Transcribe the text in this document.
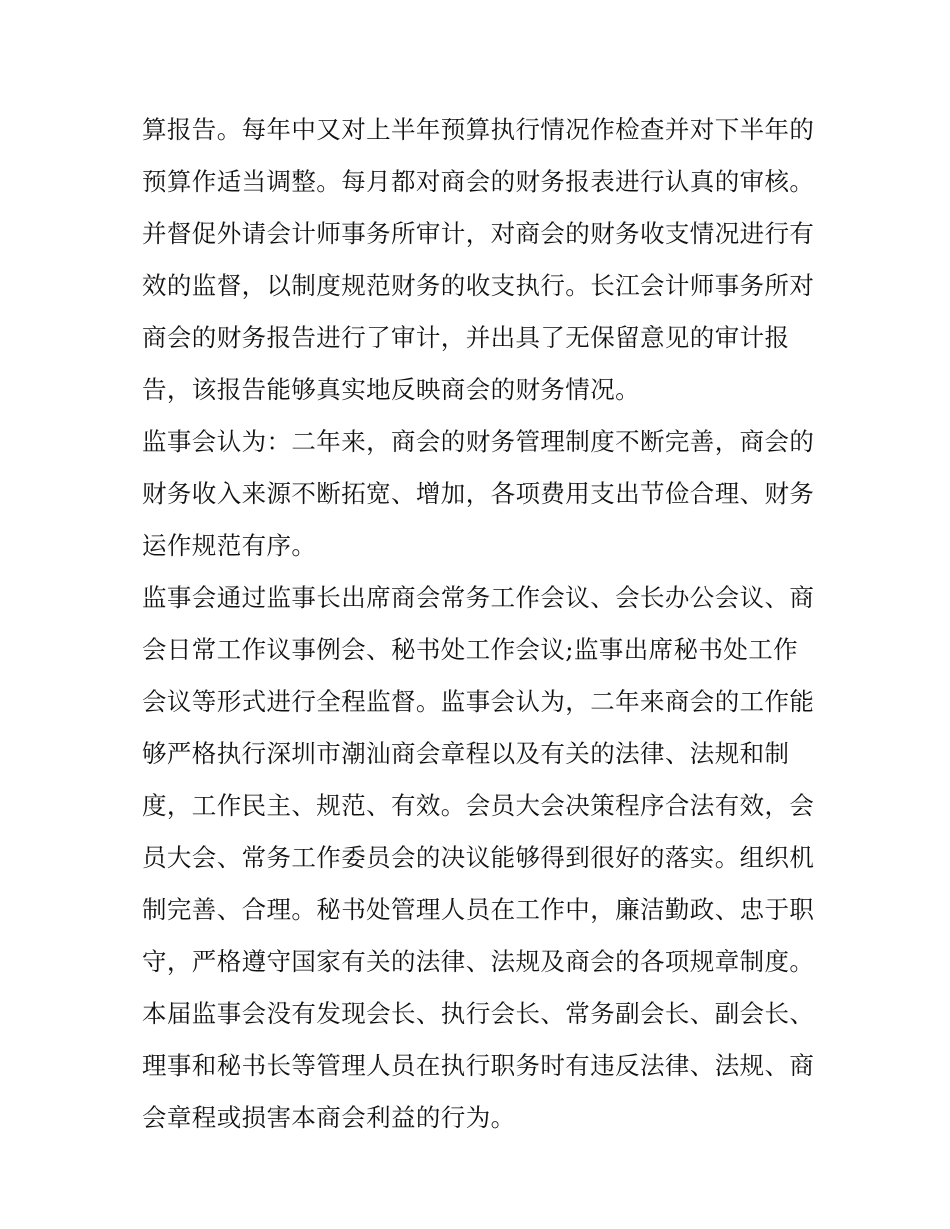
算报告。每年中又对上半年预算执行情况作检查并对下半年的
预算作适当调整。每月都对商会的财务报表进行认真的审核。
并督促外请会计师事务所审计，对商会的财务收支情况进行有
效的监督，以制度规范财务的收支执行。长江会计师事务所对
商会的财务报告进行了审计，并出具了无保留意见的审计报
告，该报告能够真实地反映商会的财务情况。
监事会认为：二年来，商会的财务管理制度不断完善，商会的
财务收入来源不断拓宽、增加，各项费用支出节俭合理、财务
运作规范有序。
监事会通过监事长出席商会常务工作会议、会长办公会议、商
会日常工作议事例会、秘书处工作会议;监事出席秘书处工作
会议等形式进行全程监督。监事会认为，二年来商会的工作能
够严格执行深圳市潮汕商会章程以及有关的法律、法规和制
度，工作民主、规范、有效。会员大会决策程序合法有效，会
员大会、常务工作委员会的决议能够得到很好的落实。组织机
制完善、合理。秘书处管理人员在工作中，廉洁勤政、忠于职
守，严格遵守国家有关的法律、法规及商会的各项规章制度。
本届监事会没有发现会长、执行会长、常务副会长、副会长、
理事和秘书长等管理人员在执行职务时有违反法律、法规、商
会章程或损害本商会利益的行为。
